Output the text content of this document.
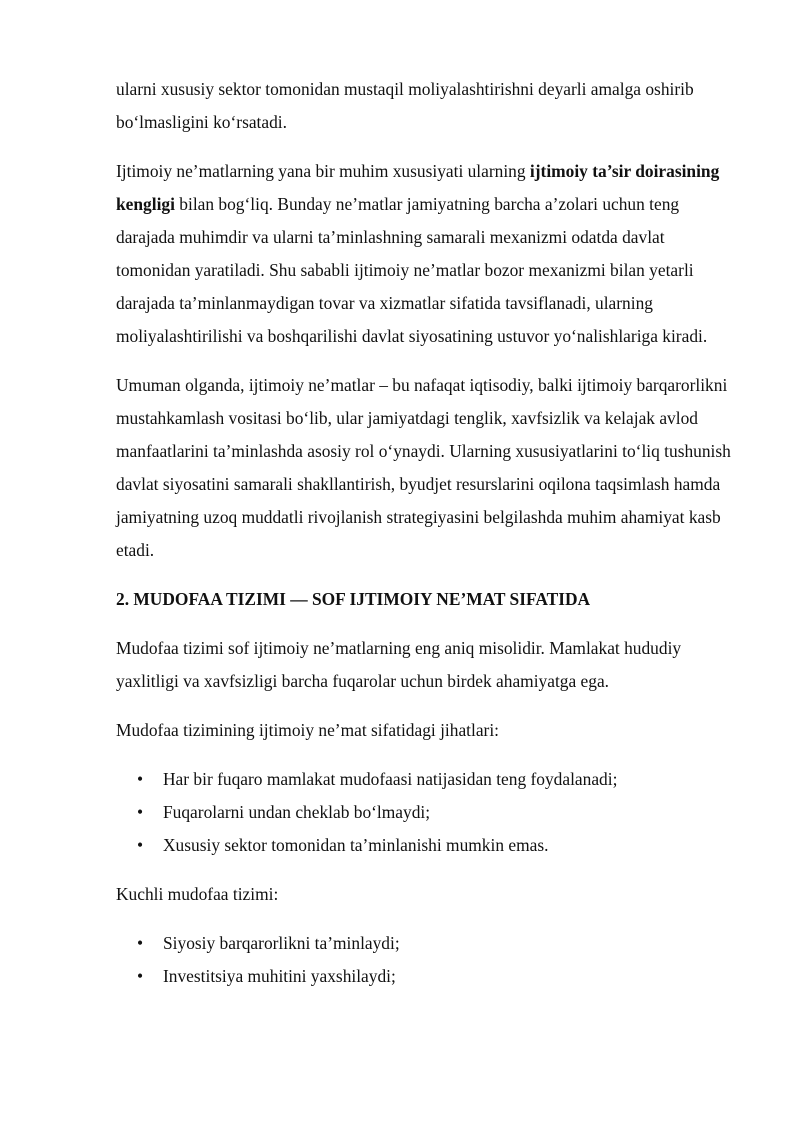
ularni xususiy sektor tomonidan mustaqil moliyalashtirishni deyarli amalga oshirib boʻlmasligini koʻrsatadi.

Ijtimoiy ne’matlarning yana bir muhim xususiyati ularning ijtimoiy ta’sir doirasining kengligi bilan bogʻliq. Bunday ne’matlar jamiyatning barcha a’zolari uchun teng darajada muhimdir va ularni ta’minlashning samarali mexanizmi odatda davlat tomonidan yaratiladi. Shu sababli ijtimoiy ne’matlar bozor mexanizmi bilan yetarli darajada ta’minlanmaydigan tovar va xizmatlar sifatida tavsiflanadi, ularning moliyalashtirilishi va boshqarilishi davlat siyosatining ustuvor yoʻnalishlariga kiradi.

Umuman olganda, ijtimoiy ne’matlar – bu nafaqat iqtisodiy, balki ijtimoiy barqarorlikni mustahkamlash vositasi boʻlib, ular jamiyatdagi tenglik, xavfsizlik va kelajak avlod manfaatlarini ta’minlashda asosiy rol oʻynaydi. Ularning xususiyatlarini toʻliq tushunish davlat siyosatini samarali shakllantirish, byudjet resurslarini oqilona taqsimlash hamda jamiyatning uzoq muddatli rivojlanish strategiyasini belgilashda muhim ahamiyat kasb etadi.

2. MUDOFAA TIZIMI — SOF IJTIMOIY NE’MAT SIFATIDA

Mudofaa tizimi sof ijtimoiy ne’matlarning eng aniq misolidir. Mamlakat hududiy yaxlitligi va xavfsizligi barcha fuqarolar uchun birdek ahamiyatga ega.

Mudofaa tizimining ijtimoiy ne’mat sifatidagi jihatlari:

• Har bir fuqaro mamlakat mudofaasi natijasidan teng foydalanadi;
• Fuqarolarni undan cheklab boʻlmaydi;
• Xususiy sektor tomonidan ta’minlanishi mumkin emas.

Kuchli mudofaa tizimi:

• Siyosiy barqarorlikni ta’minlaydi;
• Investitsiya muhitini yaxshilaydi;
